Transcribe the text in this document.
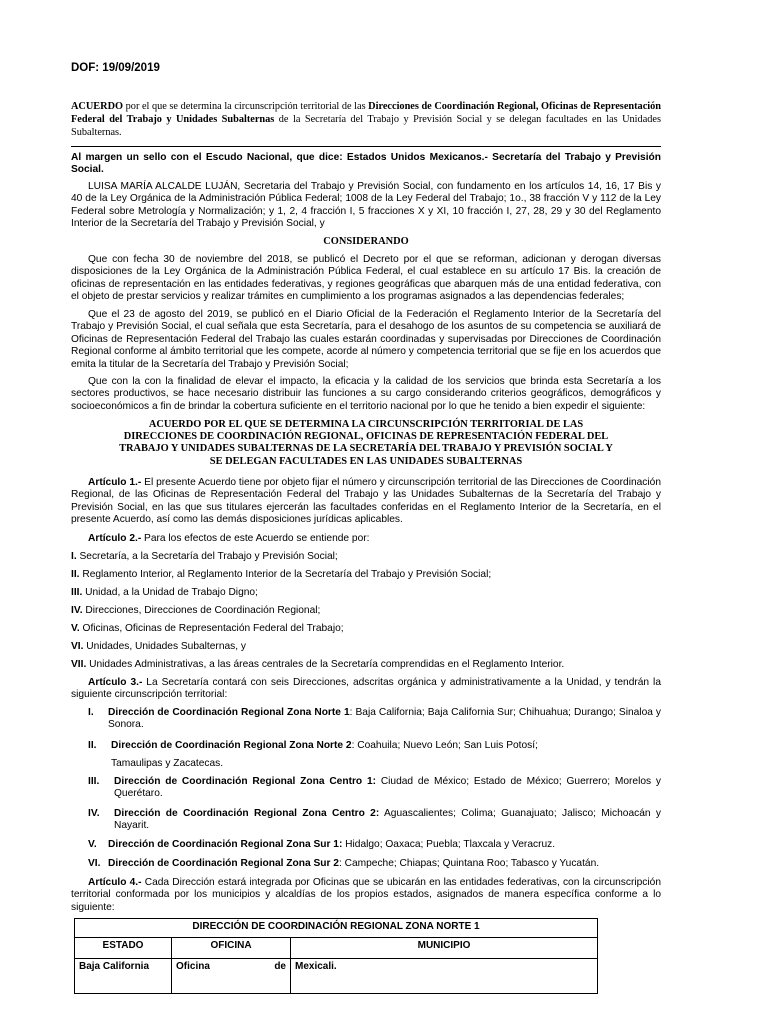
DOF: 19/09/2019
ACUERDO por el que se determina la circunscripción territorial de las Direcciones de Coordinación Regional, Oficinas de Representación Federal del Trabajo y Unidades Subalternas de la Secretaría del Trabajo y Previsión Social y se delegan facultades en las Unidades Subalternas.
Al margen un sello con el Escudo Nacional, que dice: Estados Unidos Mexicanos.- Secretaría del Trabajo y Previsión Social.
LUISA MARÍA ALCALDE LUJÁN, Secretaria del Trabajo y Previsión Social, con fundamento en los artículos 14, 16, 17 Bis y 40 de la Ley Orgánica de la Administración Pública Federal; 1008 de la Ley Federal del Trabajo; 1o., 38 fracción V y 112 de la Ley Federal sobre Metrología y Normalización; y 1, 2, 4 fracción I, 5 fracciones X y XI, 10 fracción I, 27, 28, 29 y 30 del Reglamento Interior de la Secretaría del Trabajo y Previsión Social, y
CONSIDERANDO
Que con fecha 30 de noviembre del 2018, se publicó el Decreto por el que se reforman, adicionan y derogan diversas disposiciones de la Ley Orgánica de la Administración Pública Federal, el cual establece en su artículo 17 Bis. la creación de oficinas de representación en las entidades federativas, y regiones geográficas que abarquen más de una entidad federativa, con el objeto de prestar servicios y realizar trámites en cumplimiento a los programas asignados a las dependencias federales;
Que el 23 de agosto del 2019, se publicó en el Diario Oficial de la Federación el Reglamento Interior de la Secretaría del Trabajo y Previsión Social, el cual señala que esta Secretaría, para el desahogo de los asuntos de su competencia se auxiliará de Oficinas de Representación Federal del Trabajo las cuales estarán coordinadas y supervisadas por Direcciones de Coordinación Regional conforme al ámbito territorial que les compete, acorde al número y competencia territorial que se fije en los acuerdos que emita la titular de la Secretaría del Trabajo y Previsión Social;
Que con la con la finalidad de elevar el impacto, la eficacia y la calidad de los servicios que brinda esta Secretaría a los sectores productivos, se hace necesario distribuir las funciones a su cargo considerando criterios geográficos, demográficos y socioeconómicos a fin de brindar la cobertura suficiente en el territorio nacional por lo que he tenido a bien expedir el siguiente:
ACUERDO POR EL QUE SE DETERMINA LA CIRCUNSCRIPCIÓN TERRITORIAL DE LAS
DIRECCIONES DE COORDINACIÓN REGIONAL, OFICINAS DE REPRESENTACIÓN FEDERAL DEL
TRABAJO Y UNIDADES SUBALTERNAS DE LA SECRETARÍA DEL TRABAJO Y PREVISIÓN SOCIAL Y
SE DELEGAN FACULTADES EN LAS UNIDADES SUBALTERNAS
Artículo 1.- El presente Acuerdo tiene por objeto fijar el número y circunscripción territorial de las Direcciones de Coordinación Regional, de las Oficinas de Representación Federal del Trabajo y las Unidades Subalternas de la Secretaría del Trabajo y Previsión Social, en las que sus titulares ejercerán las facultades conferidas en el Reglamento Interior de la Secretaría, en el presente Acuerdo, así como las demás disposiciones jurídicas aplicables.
Artículo 2.- Para los efectos de este Acuerdo se entiende por:
I. Secretaría, a la Secretaría del Trabajo y Previsión Social;
II. Reglamento Interior, al Reglamento Interior de la Secretaría del Trabajo y Previsión Social;
III. Unidad, a la Unidad de Trabajo Digno;
IV. Direcciones, Direcciones de Coordinación Regional;
V. Oficinas, Oficinas de Representación Federal del Trabajo;
VI. Unidades, Unidades Subalternas, y
VII. Unidades Administrativas, a las áreas centrales de la Secretaría comprendidas en el Reglamento Interior.
Artículo 3.- La Secretaría contará con seis Direcciones, adscritas orgánica y administrativamente a la Unidad, y tendrán la siguiente circunscripción territorial:
I. Dirección de Coordinación Regional Zona Norte 1: Baja California; Baja California Sur; Chihuahua; Durango; Sinaloa y Sonora.
II. Dirección de Coordinación Regional Zona Norte 2: Coahuila; Nuevo León; San Luis Potosí;
Tamaulipas y Zacatecas.
III. Dirección de Coordinación Regional Zona Centro 1: Ciudad de México; Estado de México; Guerrero; Morelos y Querétaro.
IV. Dirección de Coordinación Regional Zona Centro 2: Aguascalientes; Colima; Guanajuato; Jalisco; Michoacán y Nayarit.
V. Dirección de Coordinación Regional Zona Sur 1: Hidalgo; Oaxaca; Puebla; Tlaxcala y Veracruz.
VI. Dirección de Coordinación Regional Zona Sur 2: Campeche; Chiapas; Quintana Roo; Tabasco y Yucatán.
Artículo 4.- Cada Dirección estará integrada por Oficinas que se ubicarán en las entidades federativas, con la circunscripción territorial conformada por los municipios y alcaldías de los propios estados, asignados de manera específica conforme a lo siguiente:
DIRECCIÓN DE COORDINACIÓN REGIONAL ZONA NORTE 1		
ESTADO	OFICINA	MUNICIPIO
Baja California	Oficina de	Mexicali.
